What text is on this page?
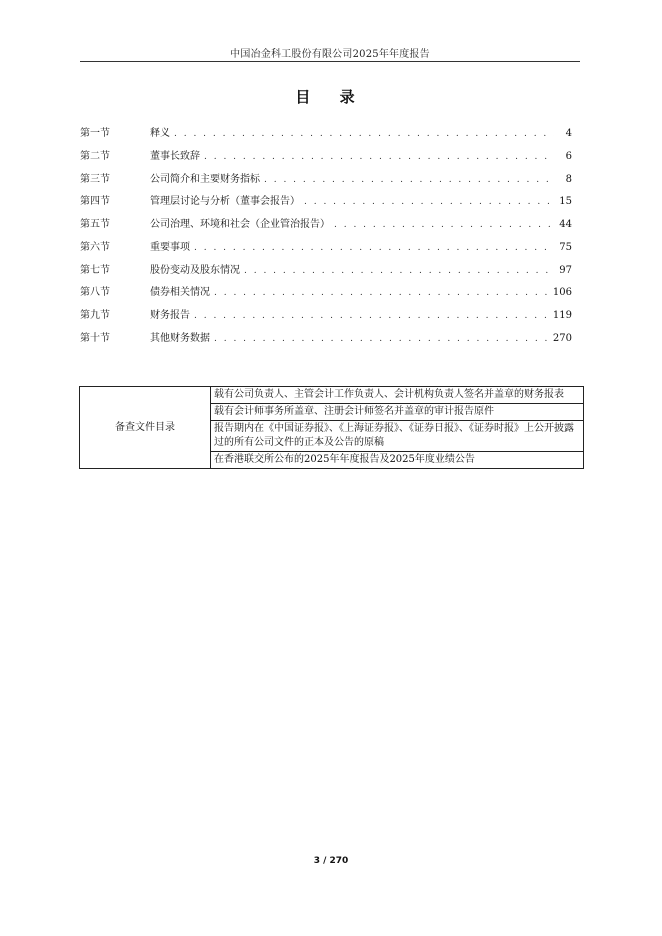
中国冶金科工股份有限公司2025年年度报告
目 录
第一节	释义 . . .	4
第二节	董事长致辞 . . .	6
第三节	公司简介和主要财务指标 . . .	8
第四节	管理层讨论与分析（董事会报告） . . .	15
第五节	公司治理、环境和社会（企业管治报告） . . .	44
第六节	重要事项 . . .	75
第七节	股份变动及股东情况 . . .	97
第八节	债券相关情况 . . .	106
第九节	财务报告 . . .	119
第十节	其他财务数据 . . .	270
备查文件目录	载有公司负责人、主管会计工作负责人、会计机构负责人签名并盖章的财务报表
载有会计师事务所盖章、注册会计师签名并盖章的审计报告原件
报告期内在《中国证券报》、《上海证券报》、《证券日报》、《证券时报》上公开披露过的所有公司文件的正本及公告的原稿
在香港联交所公布的2025年年度报告及2025年度业绩公告
3 / 270
